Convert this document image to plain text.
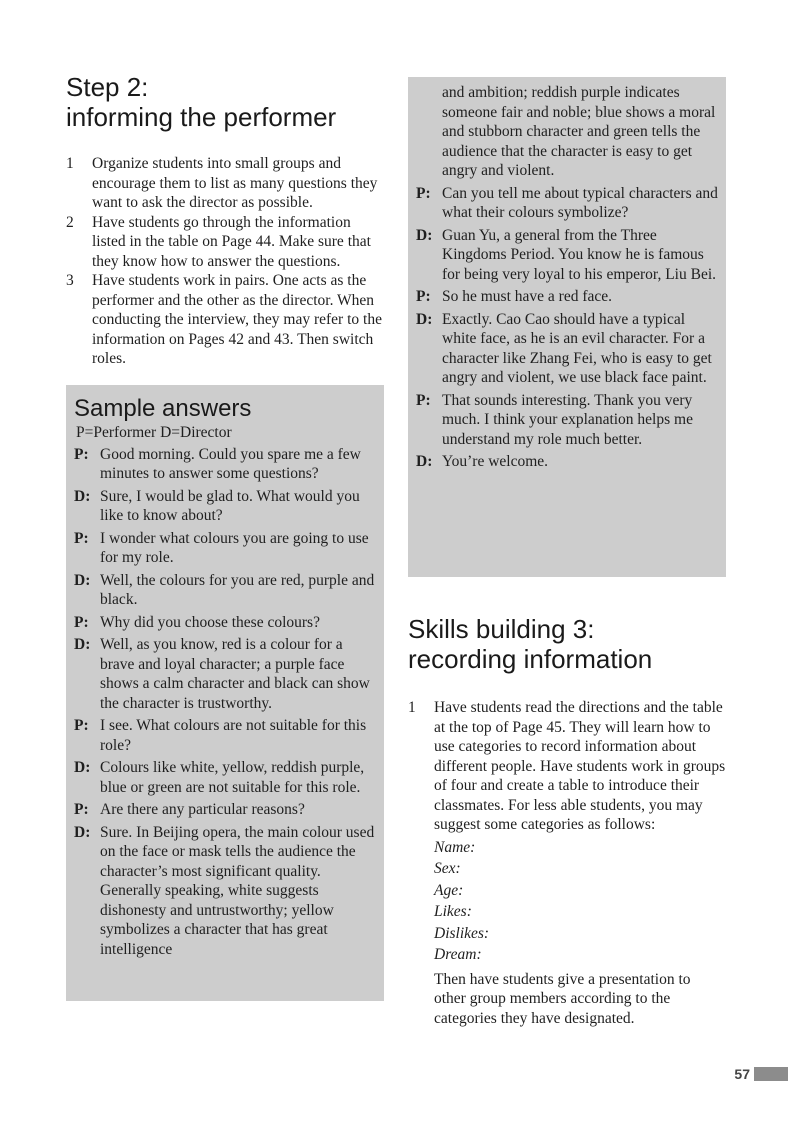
Step 2:
informing the performer
1 Organize students into small groups and encourage them to list as many questions they want to ask the director as possible.
2 Have students go through the information listed in the table on Page 44. Make sure that they know how to answer the questions.
3 Have students work in pairs. One acts as the performer and the other as the director. When conducting the interview, they may refer to the information on Pages 42 and 43. Then switch roles.
Sample answers
P=Performer D=Director
P: Good morning. Could you spare me a few minutes to answer some questions?
D: Sure, I would be glad to. What would you like to know about?
P: I wonder what colours you are going to use for my role.
D: Well, the colours for you are red, purple and black.
P: Why did you choose these colours?
D: Well, as you know, red is a colour for a brave and loyal character; a purple face shows a calm character and black can show the character is trustworthy.
P: I see. What colours are not suitable for this role?
D: Colours like white, yellow, reddish purple, blue or green are not suitable for this role.
P: Are there any particular reasons?
D: Sure. In Beijing opera, the main colour used on the face or mask tells the audience the character’s most significant quality. Generally speaking, white suggests dishonesty and untrustworthy; yellow symbolizes a character that has great intelligence
and ambition; reddish purple indicates someone fair and noble; blue shows a moral and stubborn character and green tells the audience that the character is easy to get angry and violent.
P: Can you tell me about typical characters and what their colours symbolize?
D: Guan Yu, a general from the Three Kingdoms Period. You know he is famous for being very loyal to his emperor, Liu Bei.
P: So he must have a red face.
D: Exactly. Cao Cao should have a typical white face, as he is an evil character. For a character like Zhang Fei, who is easy to get angry and violent, we use black face paint.
P: That sounds interesting. Thank you very much. I think your explanation helps me understand my role much better.
D: You’re welcome.
Skills building 3:
recording information
1 Have students read the directions and the table at the top of Page 45. They will learn how to use categories to record information about different people. Have students work in groups of four and create a table to introduce their classmates. For less able students, you may suggest some categories as follows:
Name:
Sex:
Age:
Likes:
Dislikes:
Dream:
Then have students give a presentation to other group members according to the categories they have designated.
57
